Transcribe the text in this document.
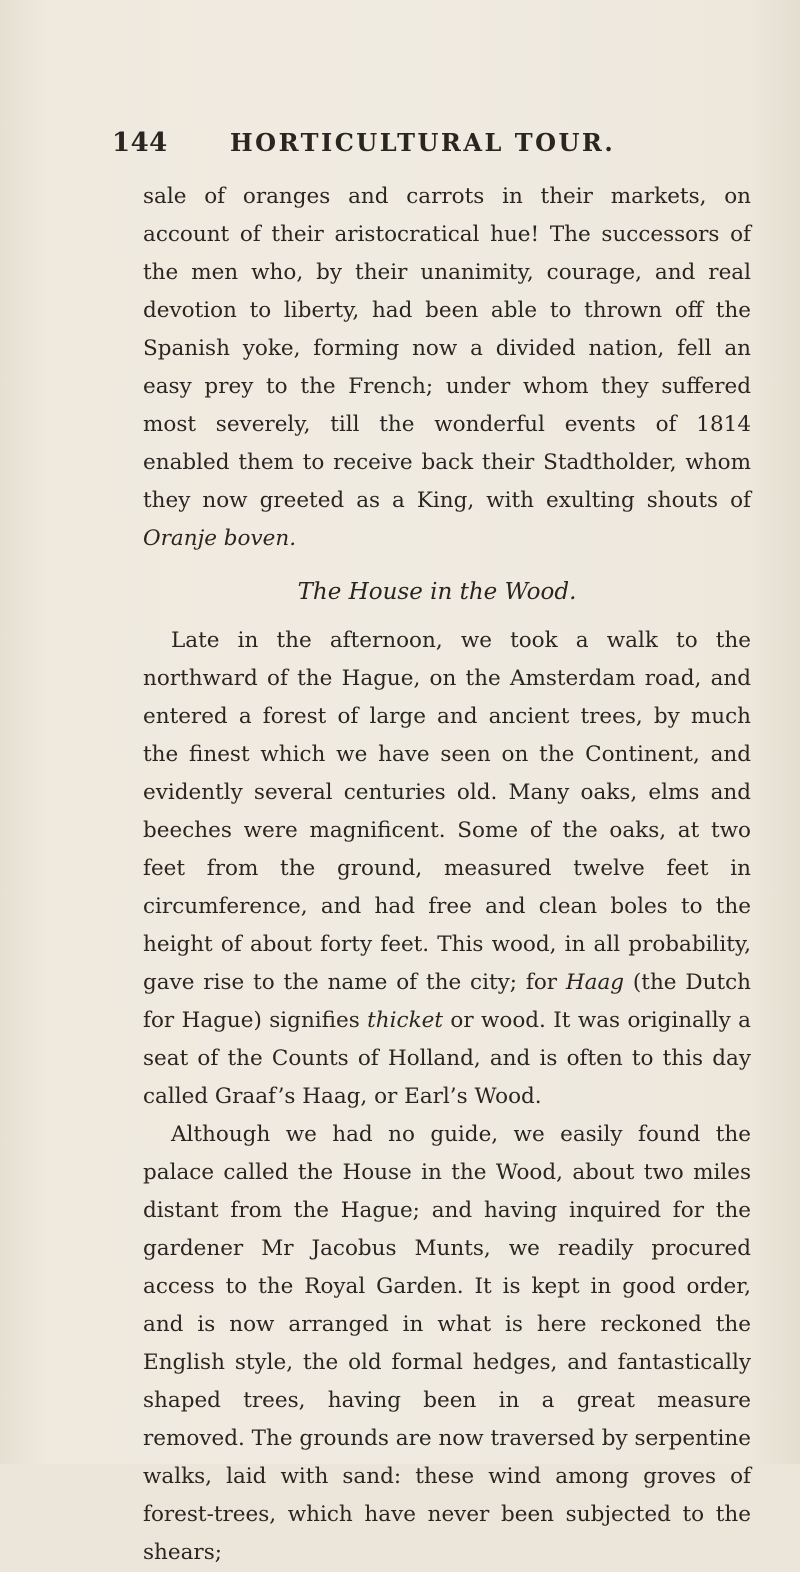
144	HORTICULTURAL TOUR.

sale of oranges and carrots in their markets, on account of their aristocratical hue! The successors of the men who, by their unanimity, courage, and real devotion to liberty, had been able to thrown off the Spanish yoke, forming now a divided nation, fell an easy prey to the French; under whom they suffered most severely, till the wonderful events of 1814 enabled them to receive back their Stadtholder, whom they now greeted as a King, with exulting shouts of Oranje boven.

The House in the Wood.

Late in the afternoon, we took a walk to the northward of the Hague, on the Amsterdam road, and entered a forest of large and ancient trees, by much the finest which we have seen on the Continent, and evidently several centuries old. Many oaks, elms and beeches were magnificent. Some of the oaks, at two feet from the ground, measured twelve feet in circumference, and had free and clean boles to the height of about forty feet. This wood, in all probability, gave rise to the name of the city; for Haag (the Dutch for Hague) signifies thicket or wood. It was originally a seat of the Counts of Holland, and is often to this day called Graaf’s Haag, or Earl’s Wood.

Although we had no guide, we easily found the palace called the House in the Wood, about two miles distant from the Hague; and having inquired for the gardener Mr Jacobus Munts, we readily procured access to the Royal Garden. It is kept in good order, and is now arranged in what is here reckoned the English style, the old formal hedges, and fantastically shaped trees, having been in a great measure removed. The grounds are now traversed by serpentine walks, laid with sand: these wind among groves of forest-trees, which have never been subjected to the shears;
